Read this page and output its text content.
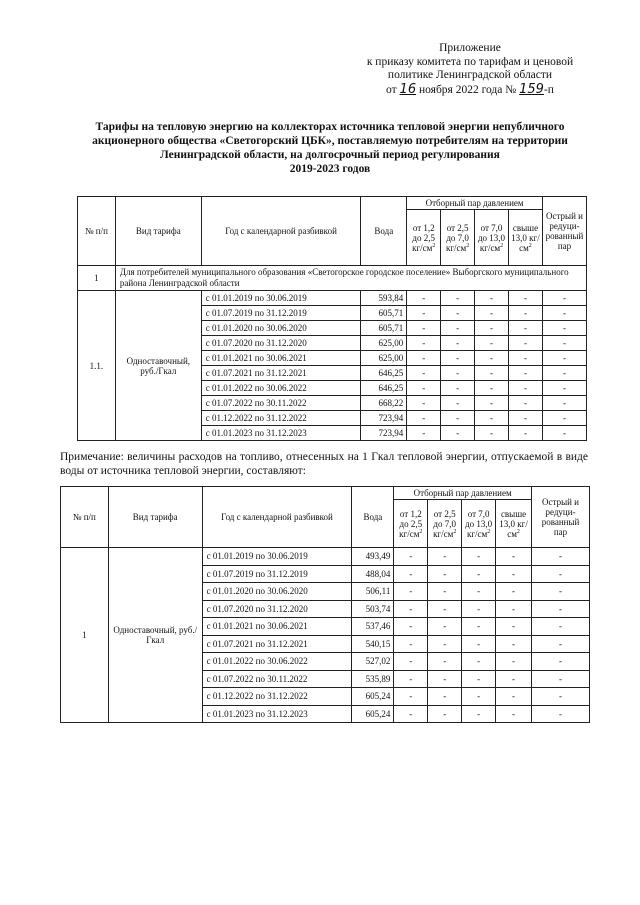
Приложение
к приказу комитета по тарифам и ценовой
политике Ленинградской области
от 16 ноября 2022 года № 159-п
Тарифы на тепловую энергию на коллекторах источника тепловой энергии непубличного
акционерного общества «Светогорский ЦБК», поставляемую потребителям на территории
Ленинградской области, на долгосрочный период регулирования
2019-2023 годов
№ п/п	Вид тарифа	Год с календарной разбивкой	Вода	Отборный пар давлением				Острый и редуци-рованный пар
				от 1,2 до 2,5 $кг/см^2$	от 2,5 до 7,0 $кг/см^2$	от 7,0 до 13,0 $кг/см^2$	свыше 13,0 $кг/см^2$
1	Для потребителей муниципального образования «Светогорское городское поселение» Выборгского муниципального района Ленинградской области							
1.1.	Одноставочный, руб./Гкал	с 01.01.2019 по 30.06.2019	593,84	-	-	-	-	-
		с 01.07.2019 по 31.12.2019	605,71	-	-	-	-	-
		с 01.01.2020 по 30.06.2020	605,71	-	-	-	-	-
		с 01.07.2020 по 31.12.2020	625,00	-	-	-	-	-
		с 01.01.2021 по 30.06.2021	625,00	-	-	-	-	-
		с 01.07.2021 по 31.12.2021	646,25	-	-	-	-	-
		с 01.01.2022 по 30.06.2022	646,25	-	-	-	-	-
		с 01.07.2022 по 30.11.2022	668,22	-	-	-	-	-
		с 01.12.2022 по 31.12.2022	723,94	-	-	-	-	-
		с 01.01.2023 по 31.12.2023	723,94	-	-	-	-	-
Примечание: величины расходов на топливо, отнесенных на 1 Гкал тепловой энергии, отпускаемой в виде воды от источника тепловой энергии, составляют:
№ п/п	Вид тарифа	Год с календарной разбивкой	Вода	Отборный пар давлением				Острый и редуци-рованный пар
				от 1,2 до 2,5 $кг/см^2$	от 2,5 до 7,0 $кг/см^2$	от 7,0 до 13,0 $кг/см^2$	свыше 13,0 $кг/см^2$
1	Одноставочный, руб./Гкал	с 01.01.2019 по 30.06.2019	493,49	-	-	-	-	-
		с 01.07.2019 по 31.12.2019	488,04	-	-	-	-	-
		с 01.01.2020 по 30.06.2020	506,11	-	-	-	-	-
		с 01.07.2020 по 31.12.2020	503,74	-	-	-	-	-
		с 01.01.2021 по 30.06.2021	537,46	-	-	-	-	-
		с 01.07.2021 по 31.12.2021	540,15	-	-	-	-	-
		с 01.01.2022 по 30.06.2022	527,02	-	-	-	-	-
		с 01.07.2022 по 30.11.2022	535,89	-	-	-	-	-
		с 01.12.2022 по 31.12.2022	605,24	-	-	-	-	-
		с 01.01.2023 по 31.12.2023	605,24	-	-	-	-	-
